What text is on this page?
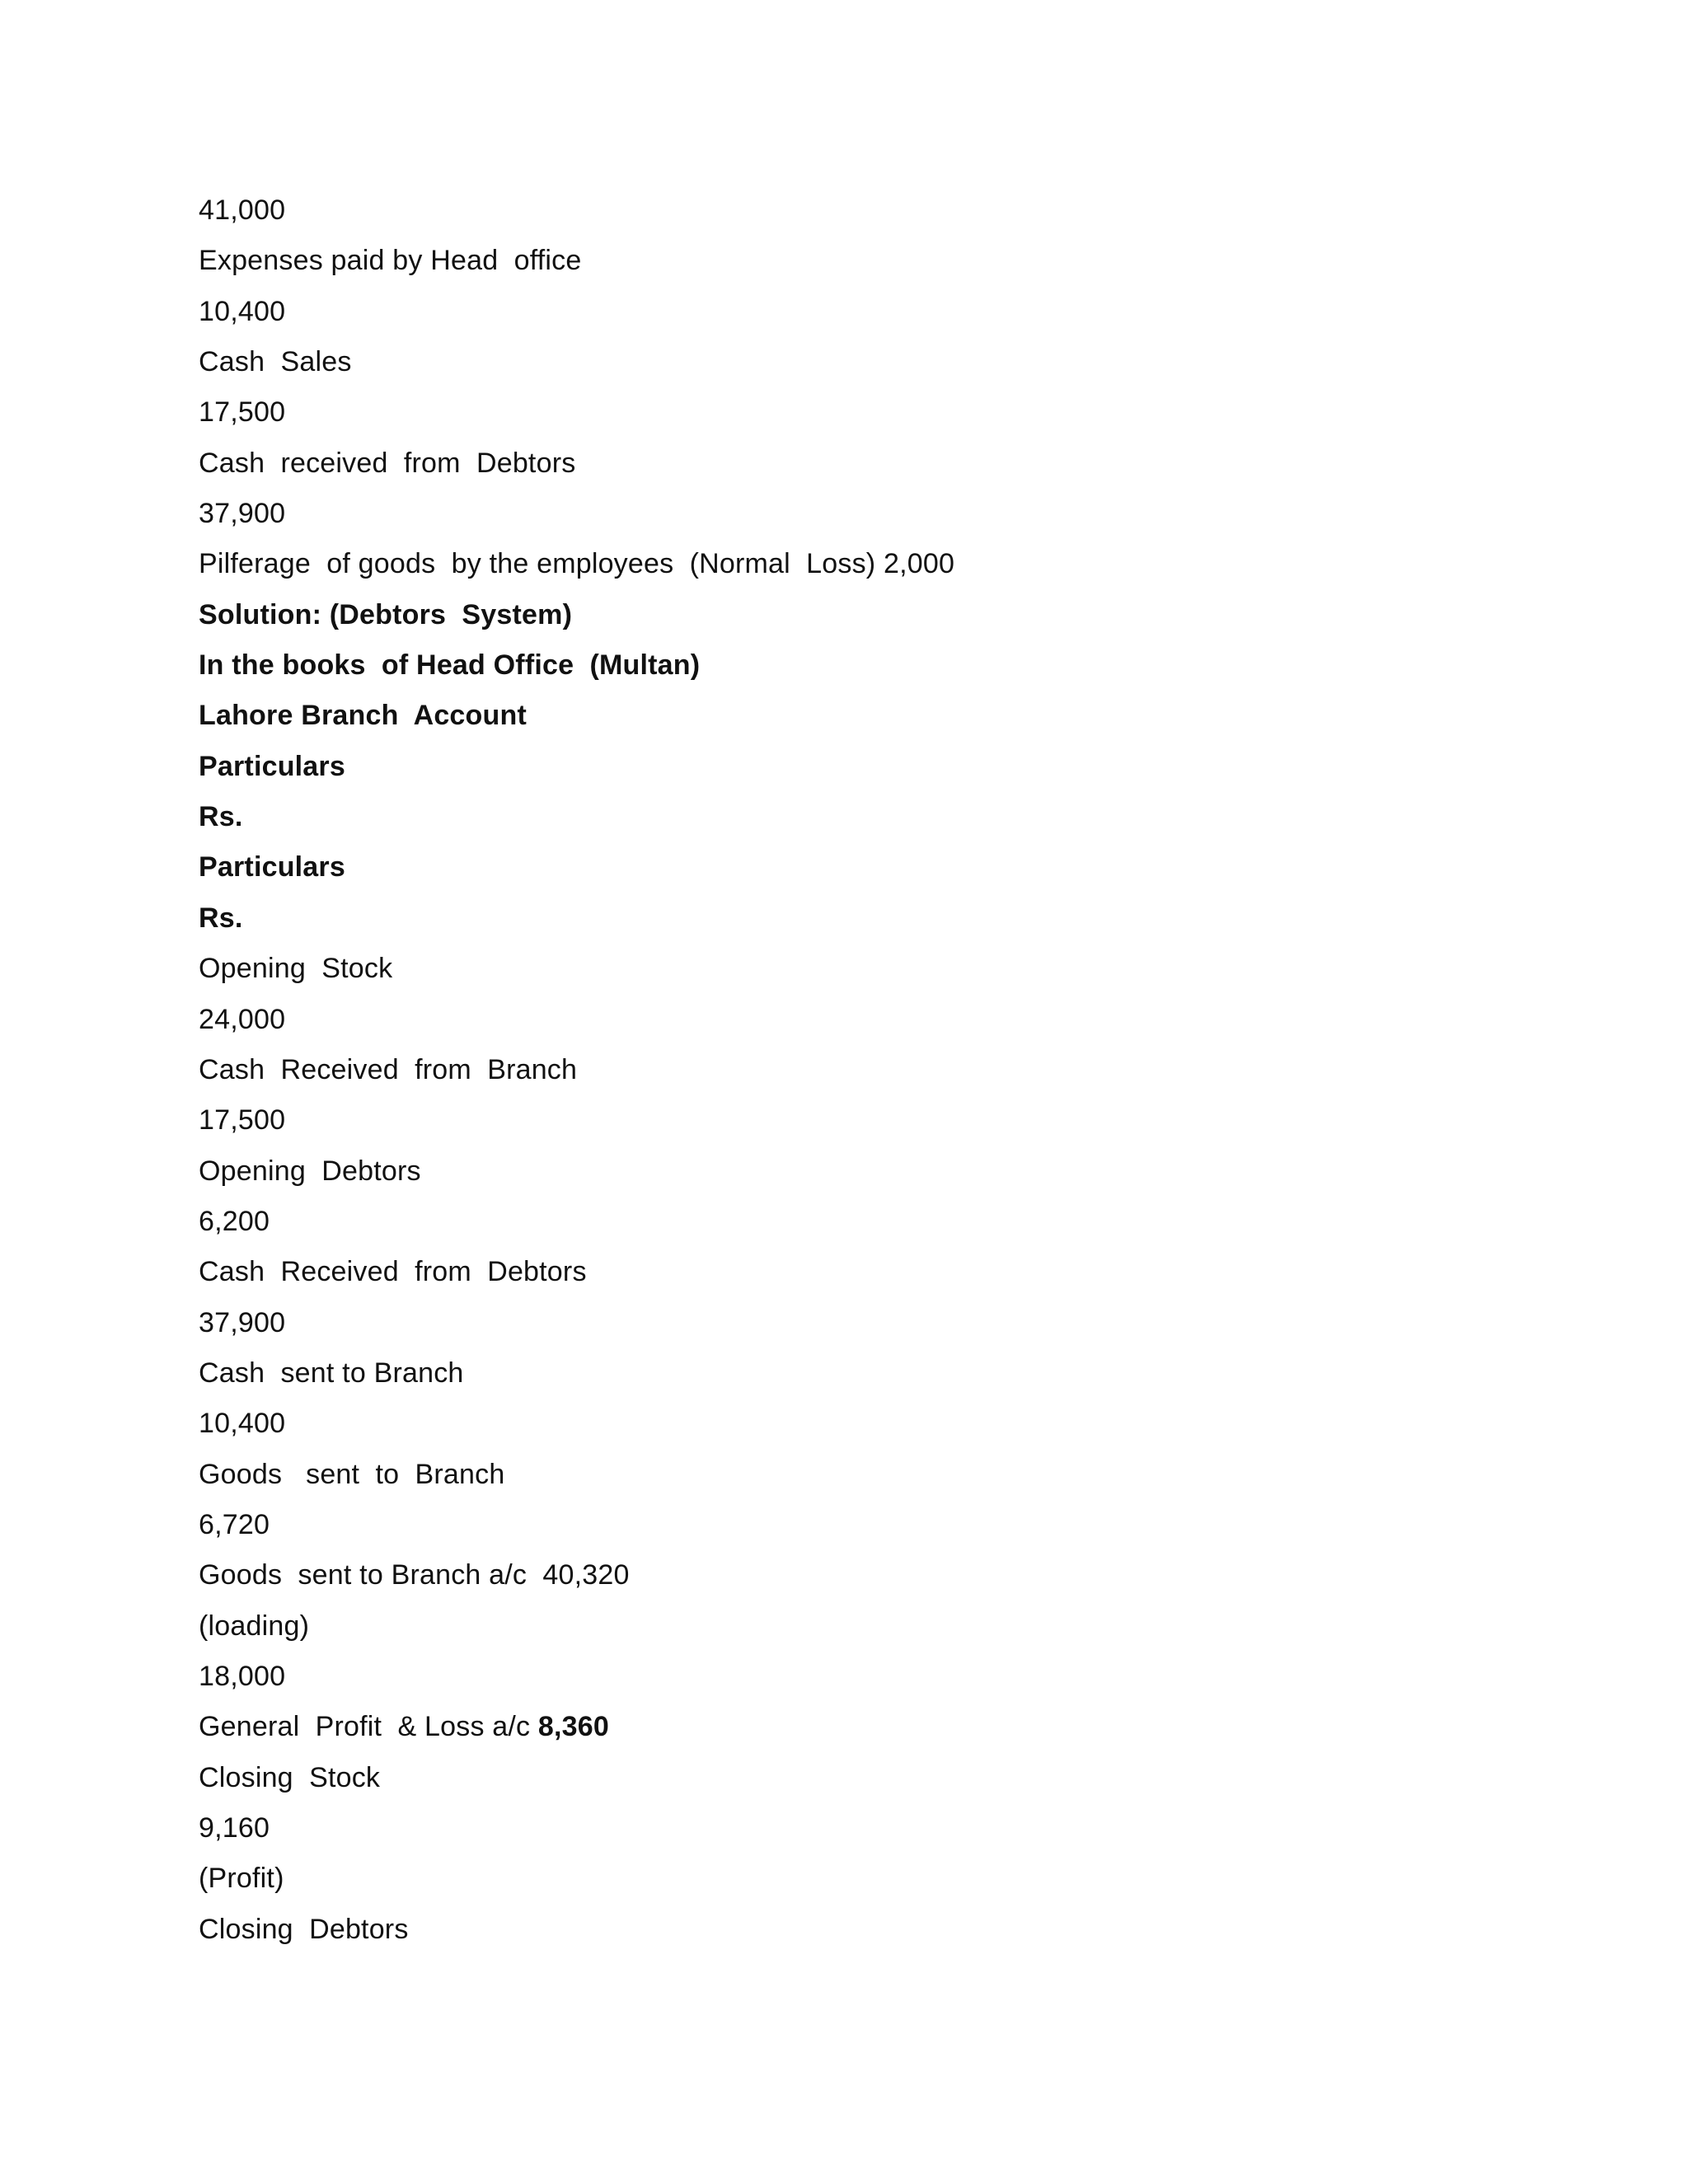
41,000
Expenses paid by Head  office
10,400
Cash  Sales
17,500
Cash  received  from  Debtors
37,900
Pilferage  of goods  by the employees  (Normal  Loss) 2,000
Solution: (Debtors  System)
In the books  of Head Office  (Multan)
Lahore Branch  Account
Particulars
Rs.
Particulars
Rs.
Opening  Stock
24,000
Cash  Received  from  Branch
17,500
Opening  Debtors
6,200
Cash  Received  from  Debtors
37,900
Cash  sent to Branch
10,400
Goods   sent  to  Branch
6,720
Goods  sent to Branch a/c  40,320
(loading)
18,000
General  Profit  & Loss a/c 8,360
Closing  Stock
9,160
(Profit)
Closing  Debtors
